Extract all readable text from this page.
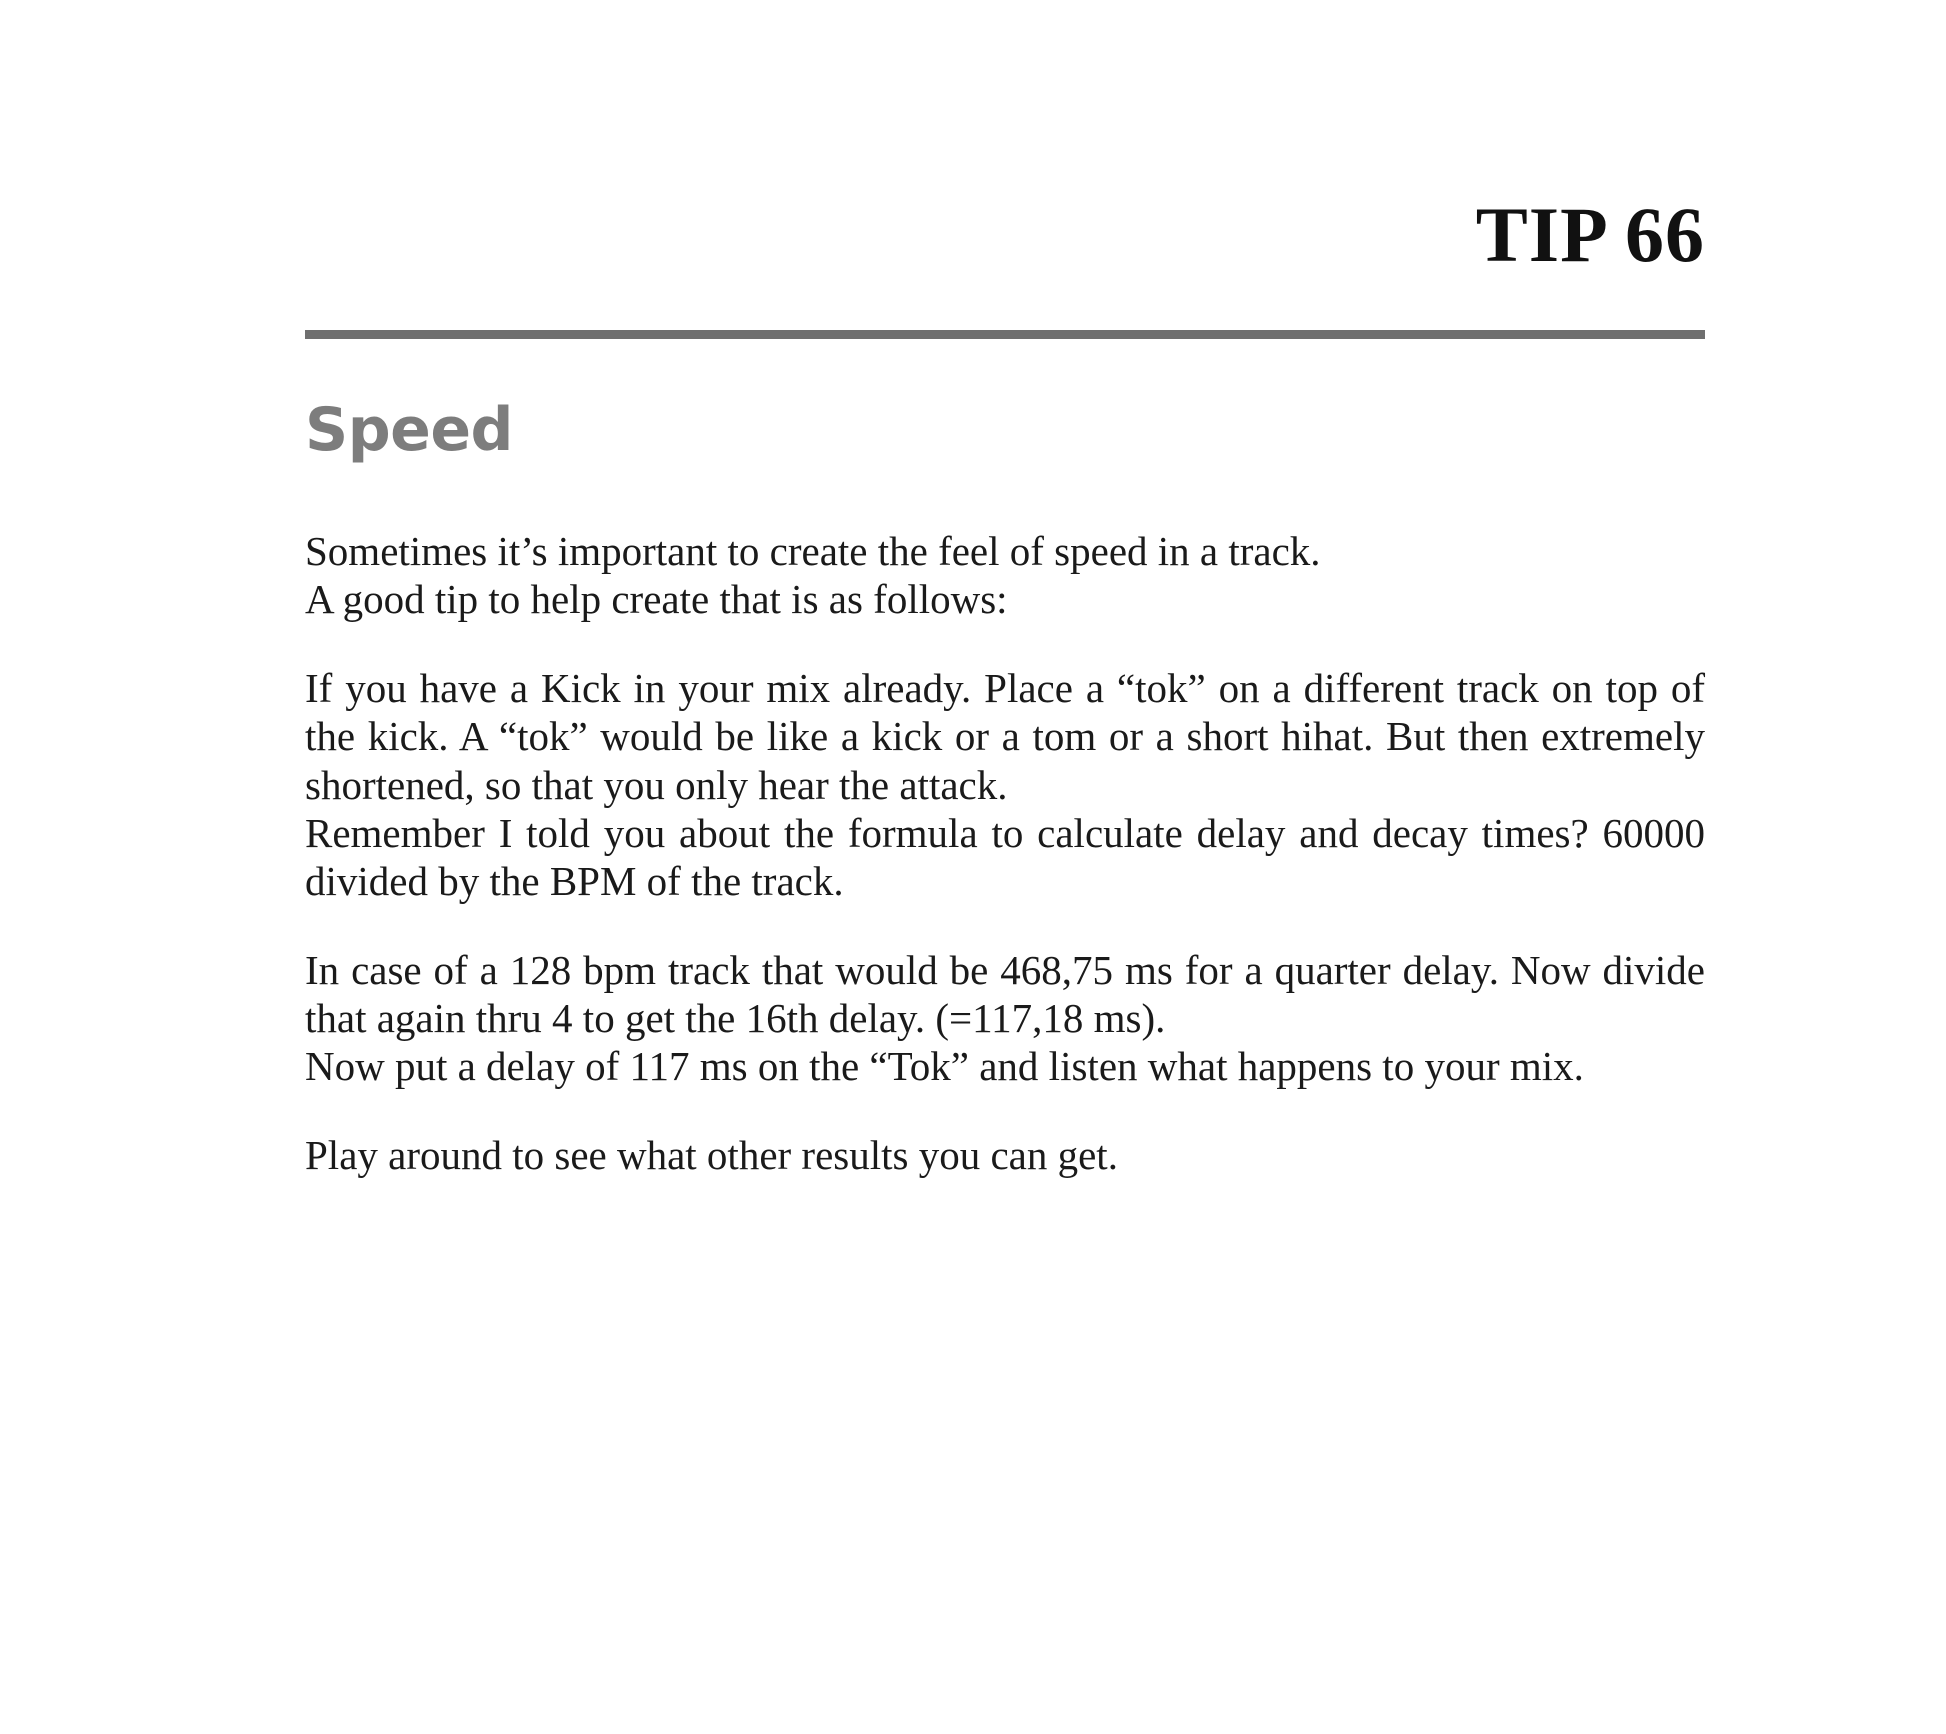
TIP 66
Speed

Sometimes it’s important to create the feel of speed in a track.
A good tip to help create that is as follows:

If you have a Kick in your mix already. Place a “tok” on a different track on top of the kick. A “tok” would be like a kick or a tom or a short hihat. But then extremely shortened, so that you only hear the attack.

Remember I told you about the formula to calculate delay and decay times? 60000 divided by the BPM of the track.

In case of a 128 bpm track that would be 468,75 ms for a quarter delay. Now divide that again thru 4 to get the 16th delay. (=117,18 ms).

Now put a delay of 117 ms on the “Tok” and listen what happens to your mix.

Play around to see what other results you can get.
